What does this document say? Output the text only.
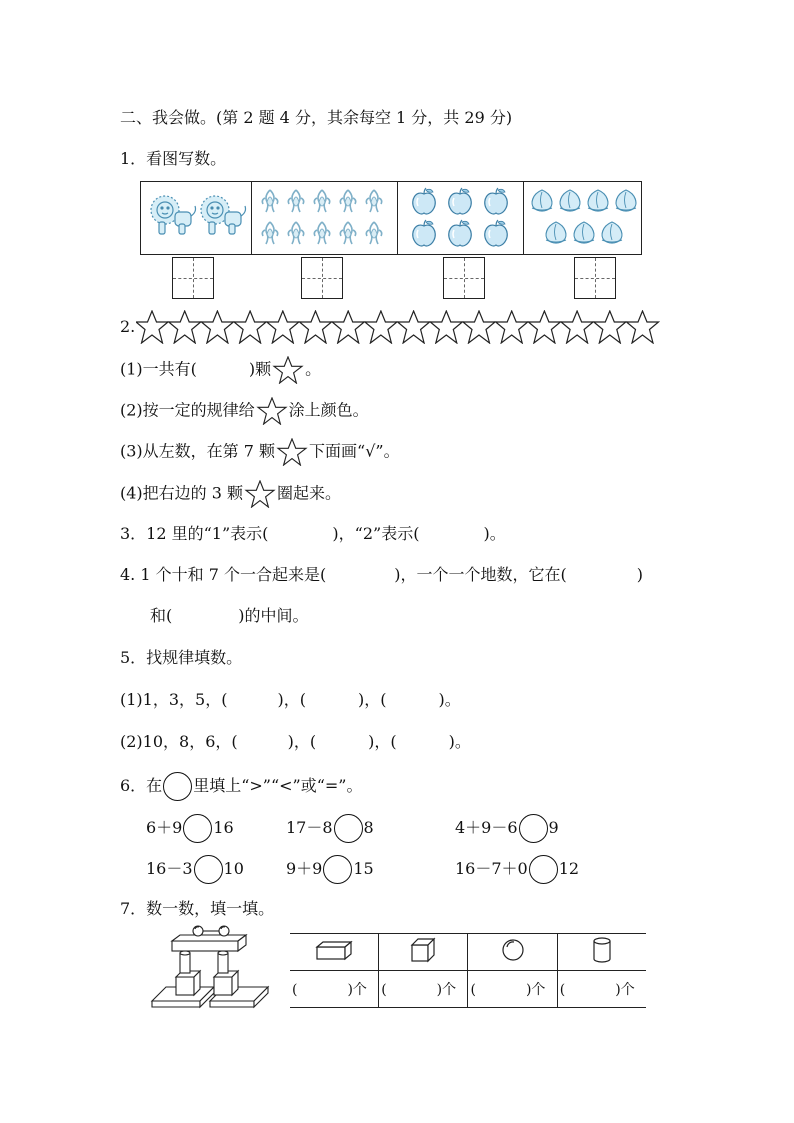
二、我会做。(第 2 题 4 分，其余每空 1 分，共 29 分)
1．看图写数。
2.
(1)一共有(	)颗 。
(2)按一定的规律给 涂上颜色。
(3)从左数，在第 7 颗 下面画“√”。
(4)把右边的 3 颗 圈起来。
3．12 里的“1”表示(	)，“2”表示(	)。
4. 1 个十和 7 个一合起来是(	)，一个一个地数，它在(	)
和(	)的中间。
5．找规律填数。
(1)1，3，5，(	)，(	)，(	)。
(2)10，8，6，(	)，(	)，(	)。
6．在 里填上“>”“<”或“=”。
6＋9 16	17－8 8	4＋9－6 9
16－3 10	9＋9 15	16－7＋0 12
7．数一数，填一填。

( )个	( )个	( )个	( )个
